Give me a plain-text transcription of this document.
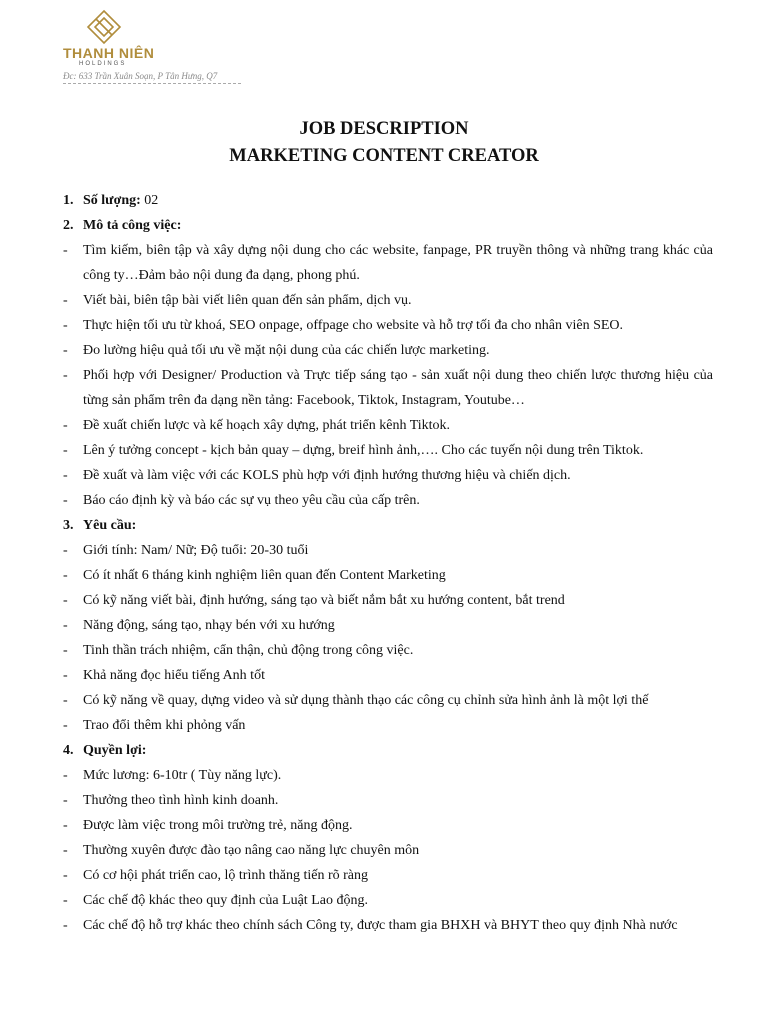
THANH NIÊN
HOLDINGS
Đc: 633 Trần Xuân Soạn, P Tân Hưng, Q7
JOB DESCRIPTION
MARKETING CONTENT CREATOR
1. Số lượng:
02
2. Mô tả công việc:
-	Tìm kiếm, biên tập và xây dựng nội dung cho các website, fanpage, PR truyền thông và những trang khác của công ty…Đảm bảo nội dung đa dạng, phong phú.
-	Viết bài, biên tập bài viết liên quan đến sản phẩm, dịch vụ.
-	Thực hiện tối ưu từ khoá, SEO onpage, offpage cho website và hỗ trợ tối đa cho nhân viên SEO.
-	Đo lường hiệu quả tối ưu về mặt nội dung của các chiến lược marketing.
-	Phối hợp với Designer/ Production và Trực tiếp sáng tạo - sản xuất nội dung theo chiến lược thương hiệu của từng sản phẩm trên đa dạng nền tảng: Facebook, Tiktok, Instagram, Youtube…
-	Đề xuất chiến lược và kế hoạch xây dựng, phát triển kênh Tiktok.
-	Lên ý tưởng concept - kịch bản quay – dựng, breif hình ảnh,…. Cho các tuyến nội dung trên Tiktok.
-	Đề xuất và làm việc với các KOLS phù hợp với định hướng thương hiệu và chiến dịch.
-	Báo cáo định kỳ và báo các sự vụ theo yêu cầu của cấp trên.
3. Yêu cầu:
-	Giới tính: Nam/ Nữ; Độ tuổi: 20-30 tuổi
-	Có ít nhất 6 tháng kinh nghiệm liên quan đến Content Marketing
-	Có kỹ năng viết bài, định hướng, sáng tạo và biết nắm bắt xu hướng content, bắt trend
-	Năng động, sáng tạo, nhạy bén với xu hướng
-	Tinh thần trách nhiệm, cẩn thận, chủ động trong công việc.
-	Khả năng đọc hiểu tiếng Anh tốt
-	Có kỹ năng về quay, dựng video và sử dụng thành thạo các công cụ chỉnh sửa hình ảnh là một lợi thế
-	Trao đổi thêm khi phỏng vấn
4. Quyền lợi:
-	Mức lương: 6-10tr ( Tùy năng lực).
-	Thưởng theo tình hình kinh doanh.
-	Được làm việc trong môi trường trẻ, năng động.
-	Thường xuyên được đào tạo nâng cao năng lực chuyên môn
-	Có cơ hội phát triển cao, lộ trình thăng tiến rõ ràng
-	Các chế độ khác theo quy định của Luật Lao động.
-	Các chế độ hỗ trợ khác theo chính sách Công ty, được tham gia BHXH và BHYT theo quy định Nhà nước
